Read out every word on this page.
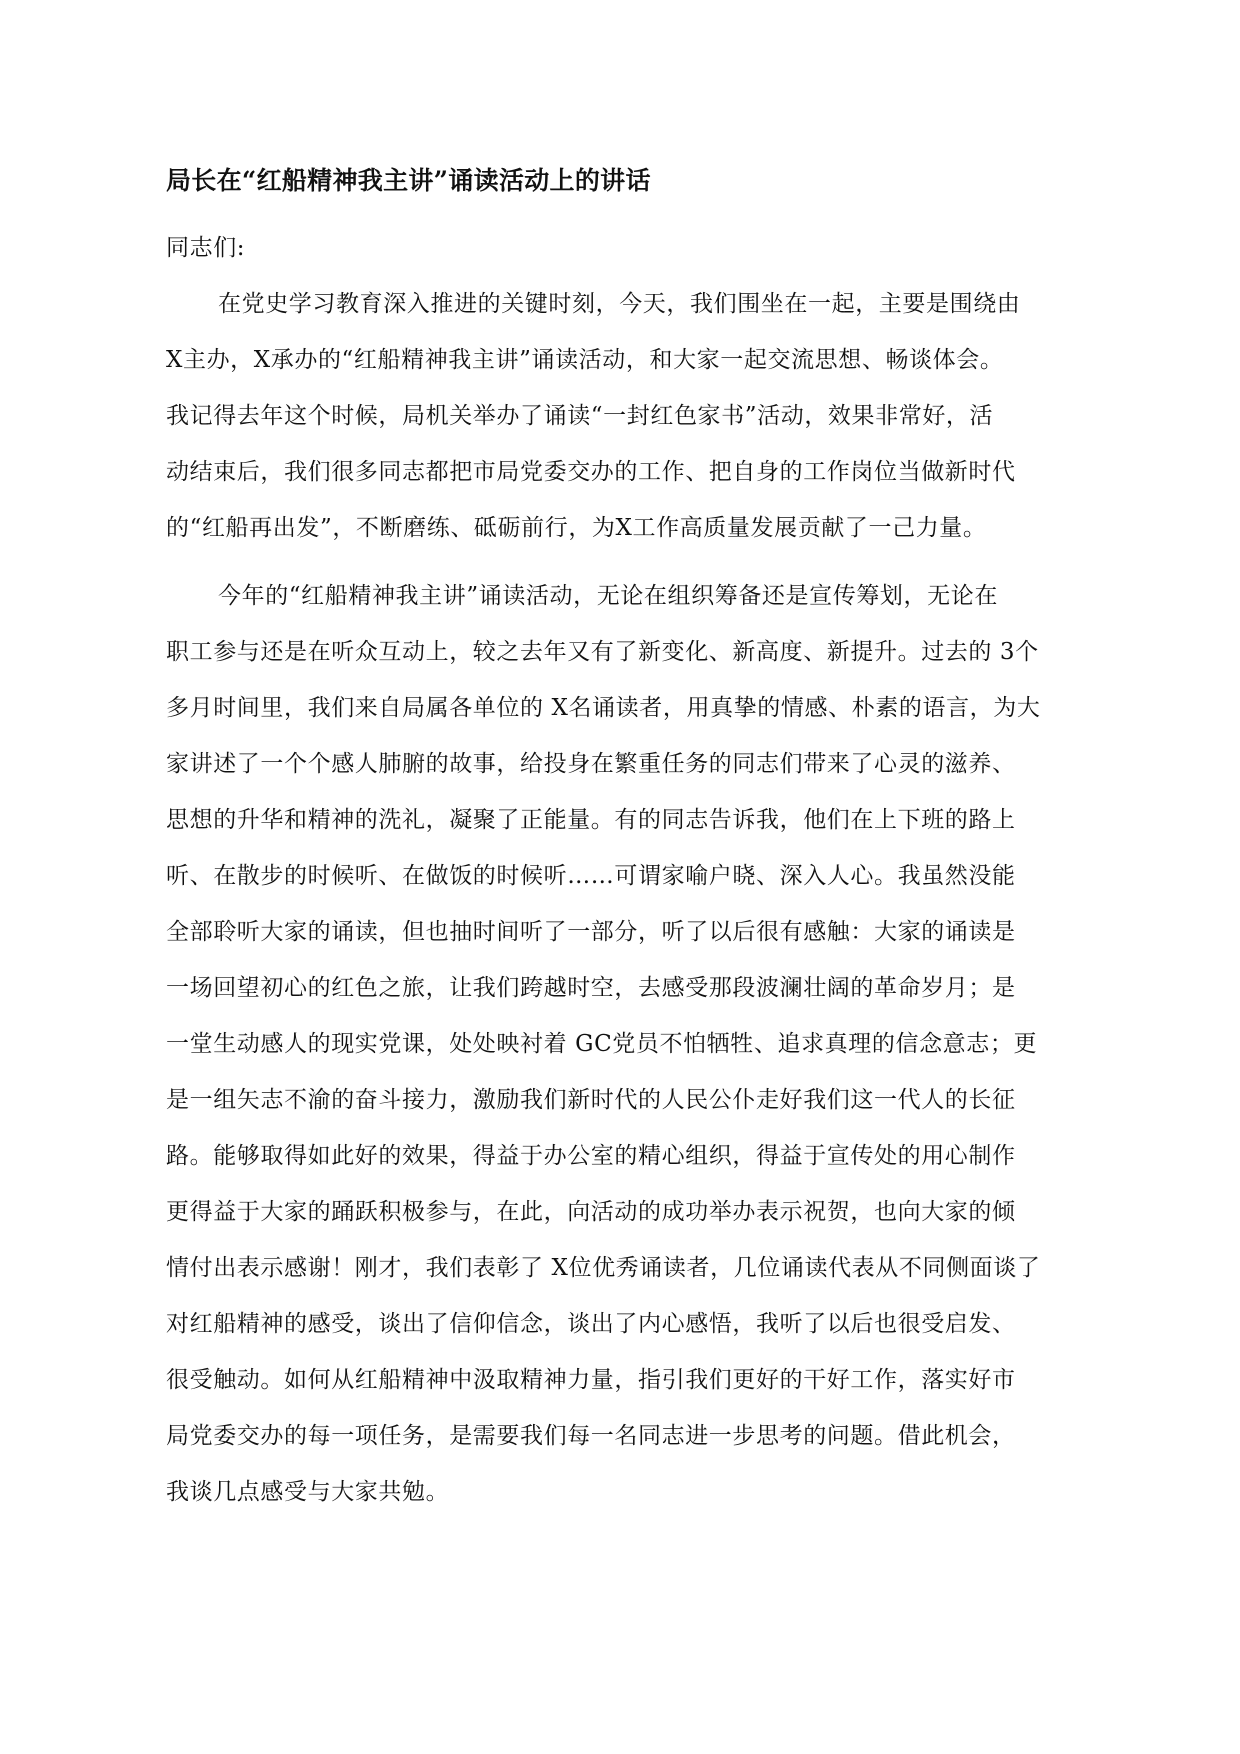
局长在“红船精神我主讲”诵读活动上的讲话

同志们:

在党史学习教育深入推进的关键时刻，今天，我们围坐在一起，主要是围绕由

X主办，X承办的“红船精神我主讲”诵读活动，和大家一起交流思想、畅谈体会。

我记得去年这个时候，局机关举办了诵读“一封红色家书”活动，效果非常好，活

动结束后，我们很多同志都把市局党委交办的工作、把自身的工作岗位当做新时代

的“红船再出发”，不断磨练、砥砺前行，为X工作高质量发展贡献了一己力量。

今年的“红船精神我主讲”诵读活动，无论在组织筹备还是宣传筹划，无论在

职工参与还是在听众互动上，较之去年又有了新变化、新高度、新提升。过去的 3个

多月时间里，我们来自局属各单位的 X名诵读者，用真挚的情感、朴素的语言，为大

家讲述了一个个感人肺腑的故事，给投身在繁重任务的同志们带来了心灵的滋养、

思想的升华和精神的洗礼，凝聚了正能量。有的同志告诉我，他们在上下班的路上

听、在散步的时候听、在做饭的时候听……可谓家喻户晓、深入人心。我虽然没能

全部聆听大家的诵读，但也抽时间听了一部分，听了以后很有感触：大家的诵读是

一场回望初心的红色之旅，让我们跨越时空，去感受那段波澜壮阔的革命岁月；是

一堂生动感人的现实党课，处处映衬着 GC党员不怕牺牲、追求真理的信念意志；更

是一组矢志不渝的奋斗接力，激励我们新时代的人民公仆走好我们这一代人的长征

路。能够取得如此好的效果，得益于办公室的精心组织，得益于宣传处的用心制作

更得益于大家的踊跃积极参与，在此，向活动的成功举办表示祝贺，也向大家的倾

情付出表示感谢！刚才，我们表彰了 X位优秀诵读者，几位诵读代表从不同侧面谈了

对红船精神的感受，谈出了信仰信念，谈出了内心感悟，我听了以后也很受启发、

很受触动。如何从红船精神中汲取精神力量，指引我们更好的干好工作，落实好市

局党委交办的每一项任务，是需要我们每一名同志进一步思考的问题。借此机会，

我谈几点感受与大家共勉。
